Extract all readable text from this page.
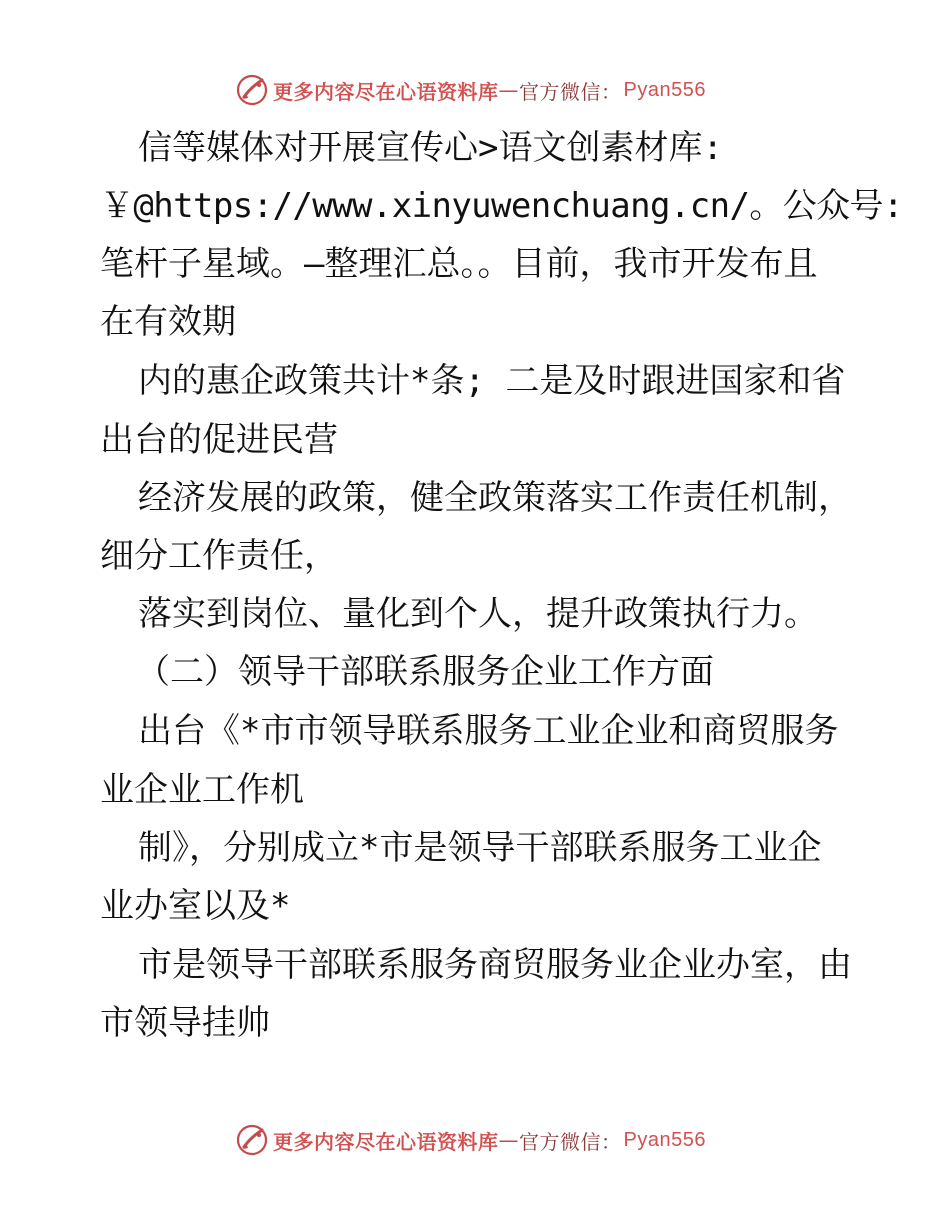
更多内容尽在心语资料库 — 官方微信： Pyan556
信等媒体对开展宣传心>语文创素材库:
￥@https://www.xinyuwenchuang.cn/。公众号:
笔杆子星域。—整理汇总。。目前，我市开发布且
在有效期
内的惠企政策共计*条; 二是及时跟进国家和省
出台的促进民营
经济发展的政策，健全政策落实工作责任机制，
细分工作责任，
落实到岗位、量化到个人，提升政策执行力。
（二）领导干部联系服务企业工作方面
出台《*市市领导联系服务工业企业和商贸服务
业企业工作机
制》，分别成立*市是领导干部联系服务工业企
业办室以及*
市是领导干部联系服务商贸服务业企业办室，由
市领导挂帅
更多内容尽在心语资料库 — 官方微信： Pyan556
